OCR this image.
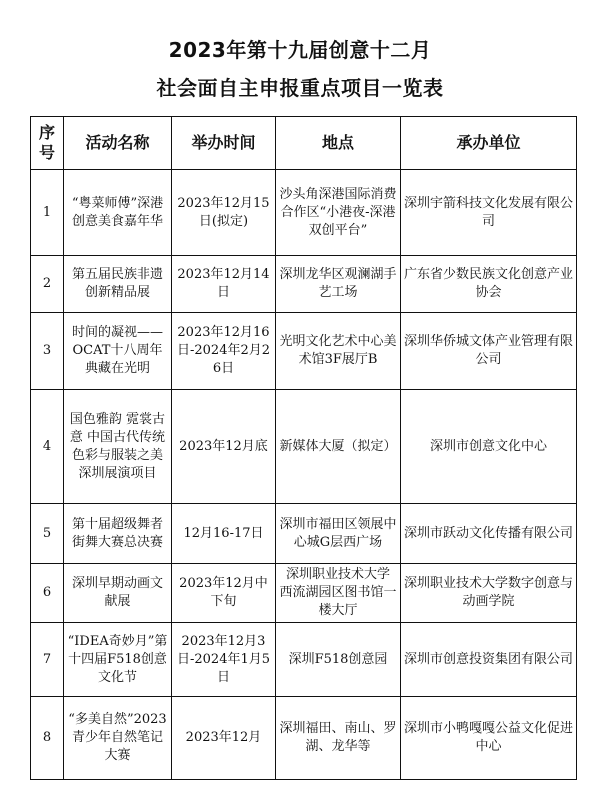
2023年第十九届创意十二月
社会面自主申报重点项目一览表
序号	活动名称	举办时间	地点	承办单位
1	“粤菜师傅”深港创意美食嘉年华	2023年12月15日(拟定)	沙头角深港国际消费合作区“小港夜-深港双创平台”	深圳宇箭科技文化发展有限公司
2	第五届民族非遗创新精品展	2023年12月14日	深圳龙华区观澜湖手艺工场	广东省少数民族文化创意产业协会
3	时间的凝视——OCAT十八周年典藏在光明	2023年12月16日-2024年2月26日	光明文化艺术中心美术馆3F展厅B	深圳华侨城文体产业管理有限公司
4	国色雅韵 霓裳古意 中国古代传统色彩与服装之美 深圳展演项目	2023年12月底	新媒体大厦（拟定）	深圳市创意文化中心
5	第十届超级舞者街舞大赛总决赛	12月16-17日	深圳市福田区领展中心城G层西广场	深圳市跃动文化传播有限公司
6	深圳早期动画文献展	2023年12月中下旬	深圳职业技术大学 西流湖园区图书馆一楼大厅	深圳职业技术大学数字创意与动画学院
7	“IDEA奇妙月”第十四届F518创意文化节	2023年12月3日-2024年1月5日	深圳F518创意园	深圳市创意投资集团有限公司
8	“多美自然”2023青少年自然笔记大赛	2023年12月	深圳福田、南山、罗湖、龙华等	深圳市小鸭嘎嘎公益文化促进中心
